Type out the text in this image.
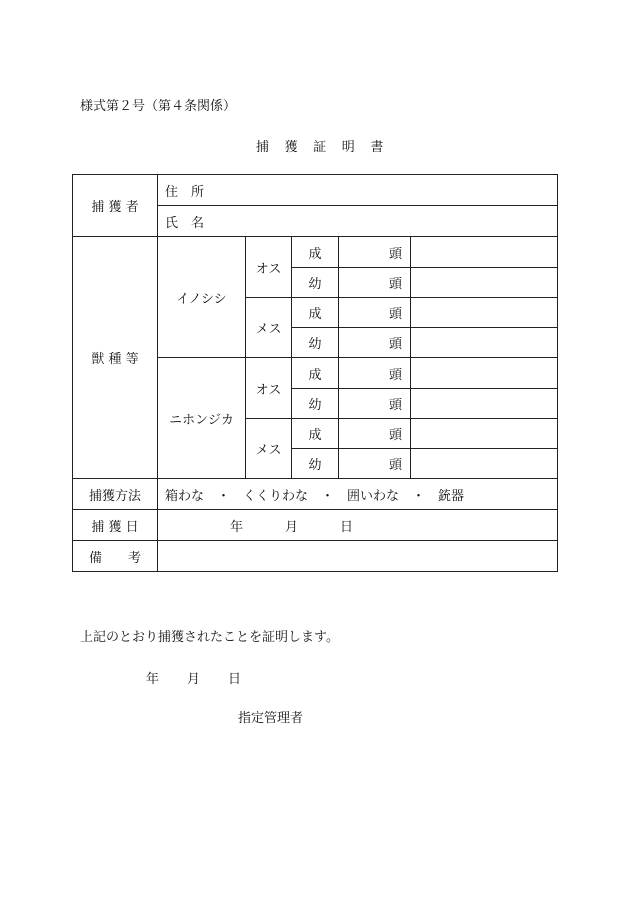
様式第２号（第４条関係）
捕　獲　証　明　書
捕 獲 者	住　所				
	氏　名				
獣 種 等	イノシシ	オス	成	頭	
			幼	頭	
		メス	成	頭	
			幼	頭	
	ニホンジカ	オス	成	頭	
			幼	頭	
		メス	成	頭	
			幼	頭	
捕獲方法	箱わな　・　くくりわな　・　囲いわな　・　銃器				
捕 獲 日	年 月 日				
備　　考					
上記のとおり捕獲されたことを証明します。
年 月 日
指定管理者
